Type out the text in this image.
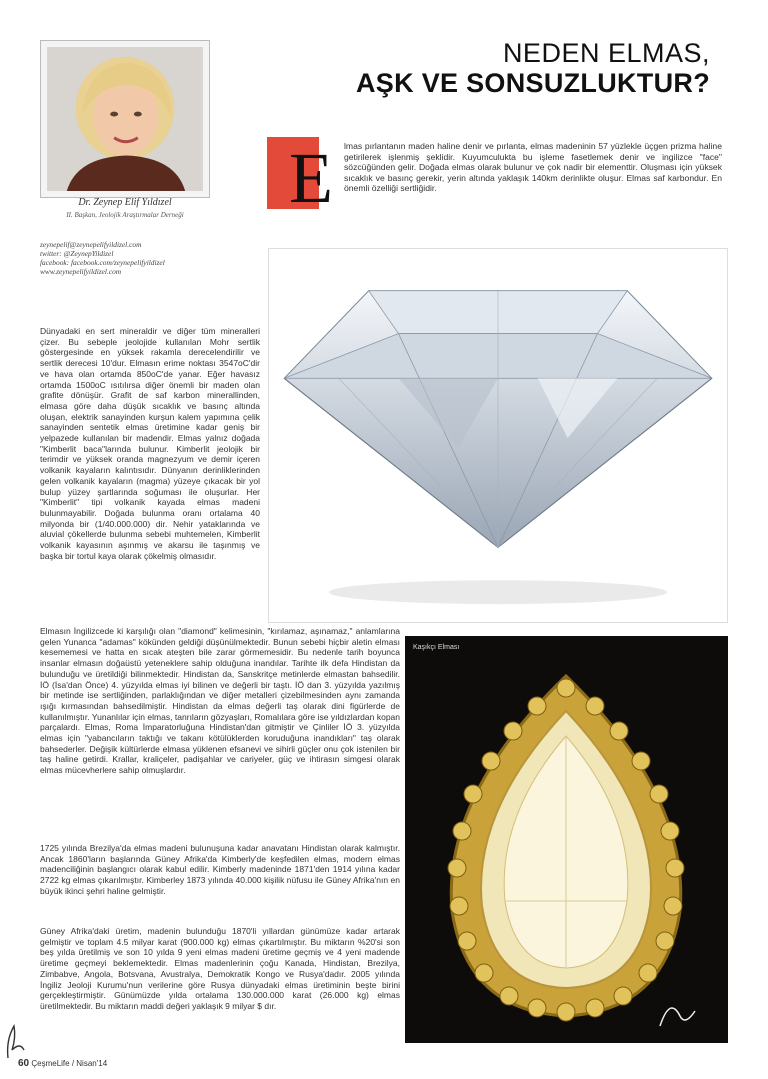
Dr. Zeynep Elif Yıldızel
II. Başkan, Jeolojik Araştırmalar Derneği
zeynepelif@zeynepelifyildizel.com
twitter: @ZeynepYildizel
facebook: facebook.com/zeynepelifyildizel
www.zeynepelifyildizel.com
NEDEN ELMAS,
AŞK VE SONSUZLUKTUR?
E lmas pırlantanın maden haline denir ve pırlanta, elmas madeninin 57 yüzlekle üçgen prizma haline getirilerek işlenmiş şeklidir. Kuyumculukta bu işleme fasetlemek denir ve ingilizce "face" sözcüğünden gelir. Doğada elmas olarak bulunur ve çok nadir bir elementtir. Oluşması için yüksek sıcaklık ve basınç gerekir, yerin altında yaklaşık 140km derinlikte oluşur. Elmas saf karbondur. En önemli özelliği sertliğidir.
Dünyadaki en sert mineraldir ve diğer tüm mineralleri çizer. Bu sebeple jeolojide kullanılan Mohr sertlik göstergesinde en yüksek rakamla derecelendirilir ve sertlik derecesi 10'dur. Elmasın erime noktası 3547oC'dir ve hava olan ortamda 850oC'de yanar. Eğer havasız ortamda 1500oC ısıtılırsa diğer önemli bir maden olan grafite dönüşür. Grafit de saf karbon minerallinden, elmasa göre daha düşük sıcaklık ve basınç altında oluşan, elektrik sanayinden kurşun kalem yapımına çelik sanayinden sentetik elmas üretimine kadar geniş bir yelpazede kullanılan bir madendir. Elmas yalnız doğada "Kimberlit baca"larında bulunur. Kimberlit jeolojik bir terimdir ve yüksek oranda magnezyum ve demir içeren volkanik kayaların kalıntısıdır. Dünyanın derinliklerinden gelen volkanik kayaların (magma) yüzeye çıkacak bir yol bulup yüzey şartlarında soğuması ile oluşurlar. Her "Kimberlit" tipi volkanik kayada elmas madeni bulunmayabilir. Doğada bulunma oranı ortalama 40 milyonda bir (1/40.000.000) dir. Nehir yataklarında ve aluvial çökellerde bulunma sebebi muhtemelen, Kimberlit volkanik kayasının aşınmış ve akarsu ile taşınmış ve başka bir tortul kaya olarak çökelmiş olmasıdır.
Elmasın İngilizcede ki karşılığı olan "diamond" kelimesinin, "kırılamaz, aşınamaz," anlamlarına gelen Yunanca "adamas" kökünden geldiği düşünülmektedir. Bunun sebebi hiçbir aletin elması kesememesi ve hatta en sıcak ateşten bile zarar görmemesidir. Bu nedenle tarih boyunca insanlar elmasın doğaüstü yeteneklere sahip olduğuna inandılar. Tarihte ilk defa Hindistan da bulunduğu ve üretildiği bilinmektedir. Hindistan da, Sanskritçe metinlerde elmastan bahsedilir. İÖ (İsa'dan Önce) 4. yüzyılda elmas iyi bilinen ve değerli bir taştı. İÖ dan 3. yüzyılda yazılmış bir metinde ise sertliğinden, parlaklığından ve diğer metalleri çizebilmesinden aynı zamanda ışığı kırmasından bahsedilmiştir. Hindistan da elmas değerli taş olarak dini figürlerde de kullanılmıştır. Yunanlılar için elmas, tanrıların gözyaşları, Romalılara göre ise yıldızlardan kopan parçalardı. Elmas, Roma İmparatorluğuna Hindistan'dan gitmiştir ve Çinliler İÖ 3. yüzyılda elmas için "yabancıların taktığı ve takanı kötülüklerden koruduğuna inandıkları" taş olarak bahsederler. Değişik kültürlerde elmasa yüklenen efsanevi ve sihirli güçler onu çok istenilen bir taş haline getirdi. Krallar, kraliçeler, padişahlar ve cariyeler, güç ve ihtirasın simgesi olarak elmas mücevherlere sahip olmuşlardır.
1725 yılında Brezilya'da elmas madeni bulunuşuna kadar anavatanı Hindistan olarak kalmıştır. Ancak 1860'ların başlarında Güney Afrika'da Kimberly'de keşfedilen elmas, modern elmas madenciliğinin başlangıcı olarak kabul edilir. Kimberly madeninde 1871'den 1914 yılına kadar 2722 kg elmas çıkarılmıştır. Kimberley 1873 yılında 40.000 kişilik nüfusu ile Güney Afrika'nın en büyük ikinci şehri haline gelmiştir.
Güney Afrika'daki üretim, madenin bulunduğu 1870'li yıllardan günümüze kadar artarak gelmiştir ve toplam 4.5 milyar karat (900.000 kg) elmas çıkartılmıştır. Bu miktarın %20'si son beş yılda üretilmiş ve son 10 yılda 9 yeni elmas madeni üretime geçmiş ve 4 yeni madende üretime geçmeyi beklemektedir. Elmas madenlerinin çoğu Kanada, Hindistan, Brezilya, Zimbabve, Angola, Botsvana, Avustralya, Demokratik Kongo ve Rusya'dadır. 2005 yılında İngiliz Jeoloji Kurumu'nun verilerine göre Rusya dünyadaki elmas üretiminin beşte birini gerçekleştirmiştir. Günümüzde yılda ortalama 130.000.000 karat (26.000 kg) elmas üretilmektedir. Bu miktarın maddi değeri yaklaşık 9 milyar $ dır.
Kaşıkçı Elması
60 ÇeşmeLife / Nisan'14
